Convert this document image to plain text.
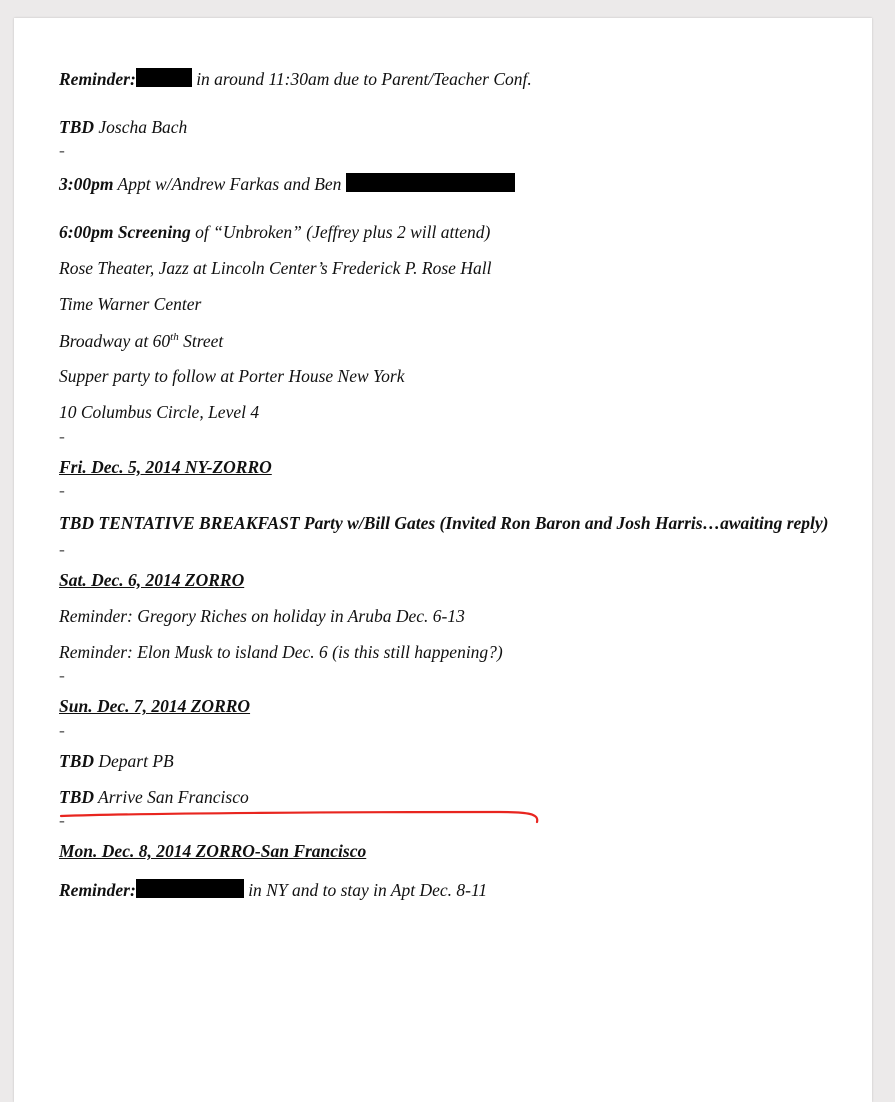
Reminder:	in around 11:30am due to Parent/Teacher Conf.

TBD Joscha Bach

-

3:00pm Appt w/Andrew Farkas and Ben

6:00pm Screening of “Unbroken” (Jeffrey plus 2 will attend)

Rose Theater, Jazz at Lincoln Center’s Frederick P. Rose Hall

Time Warner Center

Broadway at 60th Street

Supper party to follow at Porter House New York

10 Columbus Circle, Level 4

-

Fri. Dec. 5, 2014 NY-ZORRO

-

TBD TENTATIVE BREAKFAST Party w/Bill Gates (Invited Ron Baron and Josh Harris…awaiting reply)

-

Sat. Dec. 6, 2014 ZORRO

Reminder: Gregory Riches on holiday in Aruba Dec. 6-13

Reminder: Elon Musk to island Dec. 6 (is this still happening?)

-

Sun. Dec. 7, 2014 ZORRO

-

TBD Depart PB

TBD Arrive San Francisco

-

Mon. Dec. 8, 2014 ZORRO-San Francisco

Reminder:	in NY and to stay in Apt Dec. 8-11
